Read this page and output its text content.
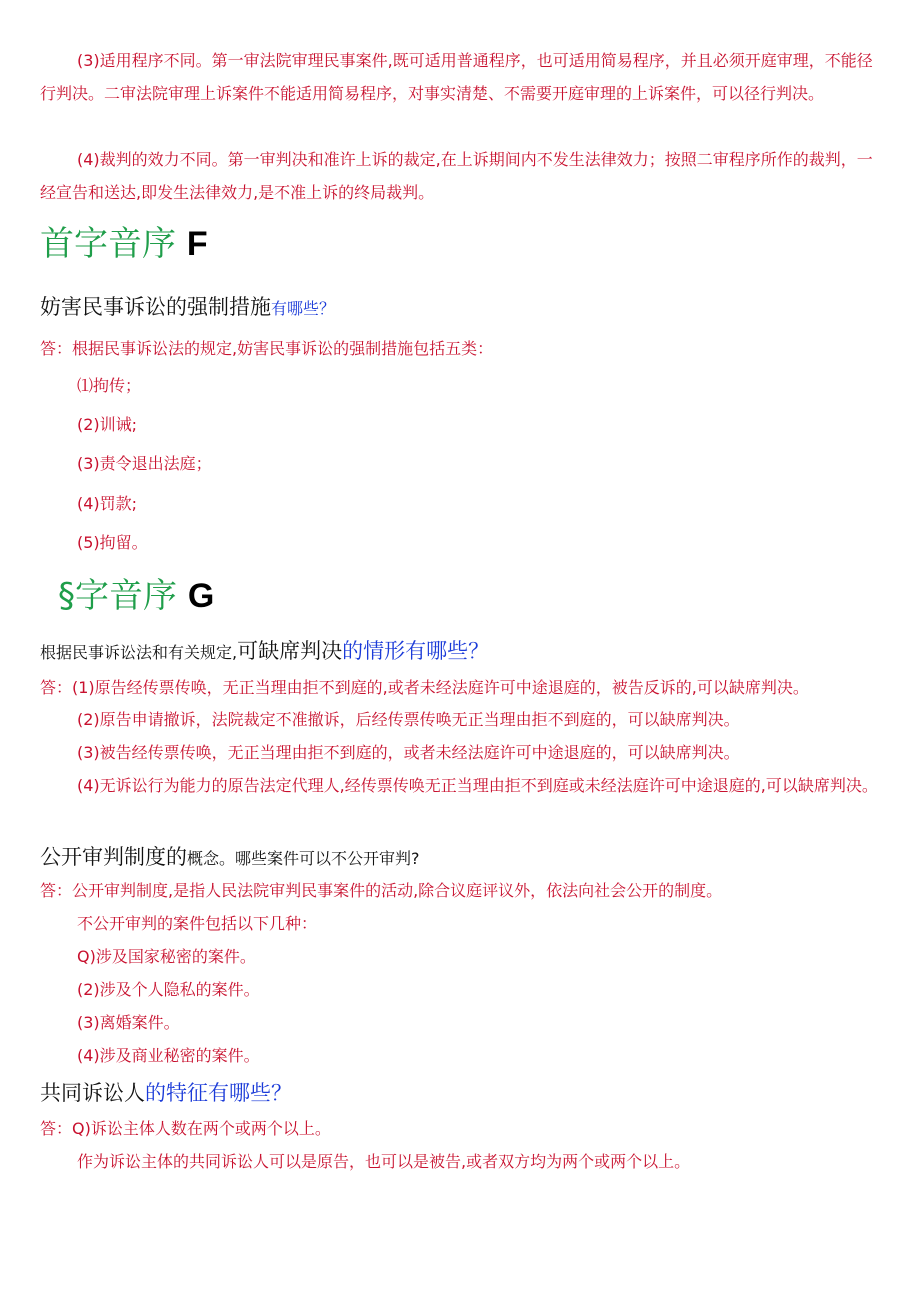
(3)适用程序不同。第一审法院审理民事案件,既可适用普通程序，也可适用简易程序，并且必须开庭审理，不能径行判决。二审法院审理上诉案件不能适用简易程序，对事实清楚、不需要开庭审理的上诉案件，可以径行判决。

(4)裁判的效力不同。第一审判决和准许上诉的裁定,在上诉期间内不发生法律效力；按照二审程序所作的裁判，一经宣告和送达,即发生法律效力,是不准上诉的终局裁判。

首字音序 F
妨害民事诉讼的强制措施有哪些？

答：根据民事诉讼法的规定,妨害民事诉讼的强制措施包括五类：

⑴拘传；

(2)训诫;

(3)责令退出法庭；

(4)罚款;

(5)拘留。

§字音序 G
根据民事诉讼法和有关规定,可缺席判决的情形有哪些？

答：(1)原告经传票传唤，无正当理由拒不到庭的,或者未经法庭许可中途退庭的，被告反诉的,可以缺席判决。

(2)原告申请撤诉，法院裁定不准撤诉，后经传票传唤无正当理由拒不到庭的，可以缺席判决。

(3)被告经传票传唤，无正当理由拒不到庭的，或者未经法庭许可中途退庭的，可以缺席判决。

(4)无诉讼行为能力的原告法定代理人,经传票传唤无正当理由拒不到庭或未经法庭许可中途退庭的,可以缺席判决。

公开审判制度的概念。哪些案件可以不公开审判?

答：公开审判制度,是指人民法院审判民事案件的活动,除合议庭评议外，依法向社会公开的制度。

不公开审判的案件包括以下几种：

Q)涉及国家秘密的案件。

(2)涉及个人隐私的案件。

(3)离婚案件。

(4)涉及商业秘密的案件。

共同诉讼人的特征有哪些？

答：Q)诉讼主体人数在两个或两个以上。

作为诉讼主体的共同诉讼人可以是原告，也可以是被告,或者双方均为两个或两个以上。
